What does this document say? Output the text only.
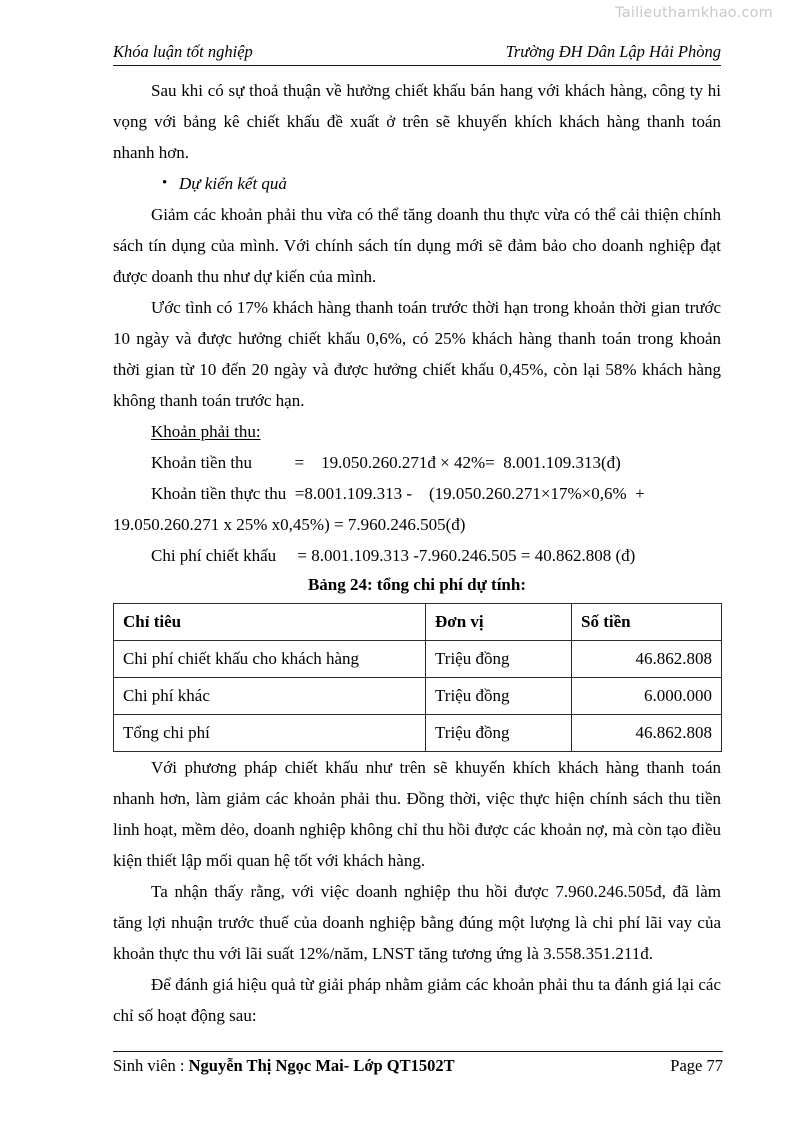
Tailieuthamkhao.com
Khóa luận tốt nghiệp	Trường ĐH Dân Lập Hải Phòng

Sau khi có sự thoả thuận về hưởng chiết khấu bán hang với khách hàng, công ty hi vọng với bảng kê chiết khấu đề xuất ở trên sẽ khuyến khích khách hàng thanh toán nhanh hơn.

• Dự kiến kết quả

Giảm các khoản phải thu vừa có thể tăng doanh thu thực vừa có thể cải thiện chính sách tín dụng của mình. Với chính sách tín dụng mới sẽ đảm bảo cho doanh nghiệp đạt được doanh thu như dự kiến của mình.

Ước tình có 17% khách hàng thanh toán trước thời hạn trong khoản thời gian trước 10 ngày và được hưởng chiết khấu 0,6%, có 25% khách hàng thanh toán trong khoản thời gian từ 10 đến 20 ngày và được hưởng chiết khấu 0,45%, còn lại 58% khách hàng không thanh toán trước hạn.

Khoản phải thu:

Khoản tiền thu          =    19.050.260.271đ × 42%=  8.001.109.313(đ)

Khoản tiền thực thu  =8.001.109.313 -    (19.050.260.271×17%×0,6%  +

19.050.260.271 x 25% x0,45%) = 7.960.246.505(đ)

Chi phí chiết khấu     = 8.001.109.313 -7.960.246.505 = 40.862.808 (đ)

Bảng 24: tổng chi phí dự tính:

Chỉ tiêu	Đơn vị	Số tiền
Chi phí chiết khấu cho khách hàng	Triệu đồng	46.862.808
Chi phí khác	Triệu đồng	6.000.000
Tổng chi phí	Triệu đồng	46.862.808

Với phương pháp chiết khấu như trên sẽ khuyến khích khách hàng thanh toán nhanh hơn, làm giảm các khoản phải thu. Đồng thời, việc thực hiện chính sách thu tiền linh hoạt, mềm dẻo, doanh nghiệp không chỉ thu hồi được các khoản nợ, mà còn tạo điều kiện thiết lập mối quan hệ tốt với khách hàng.

Ta nhận thấy rằng, với việc doanh nghiệp thu hồi được 7.960.246.505đ, đã làm tăng lợi nhuận trước thuế của doanh nghiệp bằng đúng một lượng là chi phí lãi vay của khoản thực thu với lãi suất 12%/năm, LNST tăng tương ứng là 3.558.351.211đ.

Để đánh giá hiệu quả từ giải pháp nhằm giảm các khoản phải thu ta đánh giá lại các chỉ số hoạt động sau:

Sinh viên : Nguyễn Thị Ngọc Mai- Lớp QT1502T	Page 77
